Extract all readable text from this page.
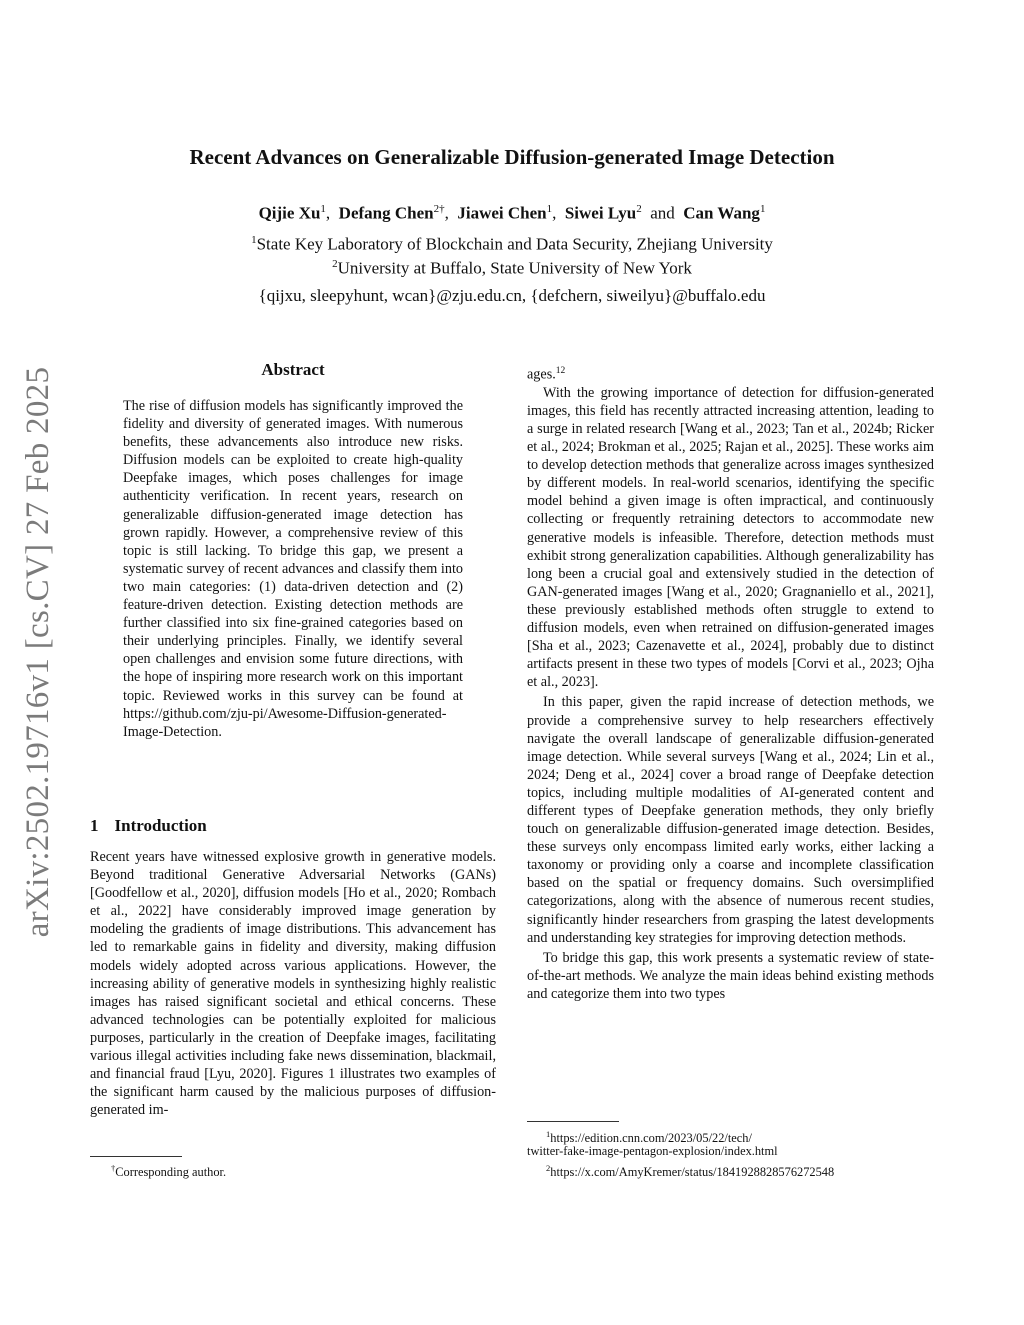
Recent Advances on Generalizable Diffusion-generated Image Detection
Qijie Xu$^1$, Defang Chen$^{2\dagger}$, Jiawei Chen$^1$, Siwei Lyu$^2$ and Can Wang$^1$
$^1$State Key Laboratory of Blockchain and Data Security, Zhejiang University
$^2$University at Buffalo, State University of New York
{qijxu, sleepyhunt, wcan}@zju.edu.cn, {defchern, siweilyu}@buffalo.edu
arXiv:2502.19716v1 [cs.CV] 27 Feb 2025	Abstract

The rise of diffusion models has significantly improved the fidelity and diversity of generated images. With numerous benefits, these advancements also introduce new risks. Diffusion models can be exploited to create high-quality Deepfake images, which poses challenges for image authenticity verification. In recent years, research on generalizable diffusion-generated image detection has grown rapidly. However, a comprehensive review of this topic is still lacking. To bridge this gap, we present a systematic survey of recent advances and classify them into two main categories: (1) data-driven detection and (2) feature-driven detection. Existing detection methods are further classified into six fine-grained categories based on their underlying principles. Finally, we identify several open challenges and envision some future directions, with the hope of inspiring more research work on this important topic. Reviewed works in this survey can be found at https://github.com/zju-pi/Awesome-Diffusion-generated-Image-Detection.

1 Introduction

Recent years have witnessed explosive growth in generative models. Beyond traditional Generative Adversarial Networks (GANs) [Goodfellow et al., 2020], diffusion models [Ho et al., 2020; Rombach et al., 2022] have considerably improved image generation by modeling the gradients of image distributions. This advancement has led to remarkable gains in fidelity and diversity, making diffusion models widely adopted across various applications. However, the increasing ability of generative models in synthesizing highly realistic images has raised significant societal and ethical concerns. These advanced technologies can be potentially exploited for malicious purposes, particularly in the creation of Deepfake images, facilitating various illegal activities including fake news dissemination, blackmail, and financial fraud [Lyu, 2020]. Figures 1 illustrates two examples of the significant harm caused by the malicious purposes of diffusion-generated im-

ages.$^{12}$

With the growing importance of detection for diffusion-generated images, this field has recently attracted increasing attention, leading to a surge in related research [Wang et al., 2023; Tan et al., 2024b; Ricker et al., 2024; Brokman et al., 2025; Rajan et al., 2025]. These works aim to develop detection methods that generalize across images synthesized by different models. In real-world scenarios, identifying the specific model behind a given image is often impractical, and continuously collecting or frequently retraining detectors to accommodate new generative models is infeasible. Therefore, detection methods must exhibit strong generalization capabilities. Although generalizability has long been a crucial goal and extensively studied in the detection of GAN-generated images [Wang et al., 2020; Gragnaniello et al., 2021], these previously established methods often struggle to extend to diffusion models, even when retrained on diffusion-generated images [Sha et al., 2023; Cazenavette et al., 2024], probably due to distinct artifacts present in these two types of models [Corvi et al., 2023; Ojha et al., 2023].

In this paper, given the rapid increase of detection methods, we provide a comprehensive survey to help researchers effectively navigate the overall landscape of generalizable diffusion-generated image detection. While several surveys [Wang et al., 2024; Lin et al., 2024; Deng et al., 2024] cover a broad range of Deepfake detection topics, including multiple modalities of AI-generated content and different types of Deepfake generation methods, they only briefly touch on generalizable diffusion-generated image detection. Besides, these surveys only encompass limited early works, either lacking a taxonomy or providing only a coarse and incomplete classification based on the spatial or frequency domains. Such oversimplified categorizations, along with the absence of numerous recent studies, significantly hinder researchers from grasping the latest developments and understanding key strategies for improving detection methods.

To bridge this gap, this work presents a systematic review of state-of-the-art methods. We analyze the main ideas behind existing methods and categorize them into two types

†Corresponding author.
$^1$https://edition.cnn.com/2023/05/22/tech/
twitter-fake-image-pentagon-explosion/index.html
$^2$https://x.com/AmyKremer/status/1841928828576272548
